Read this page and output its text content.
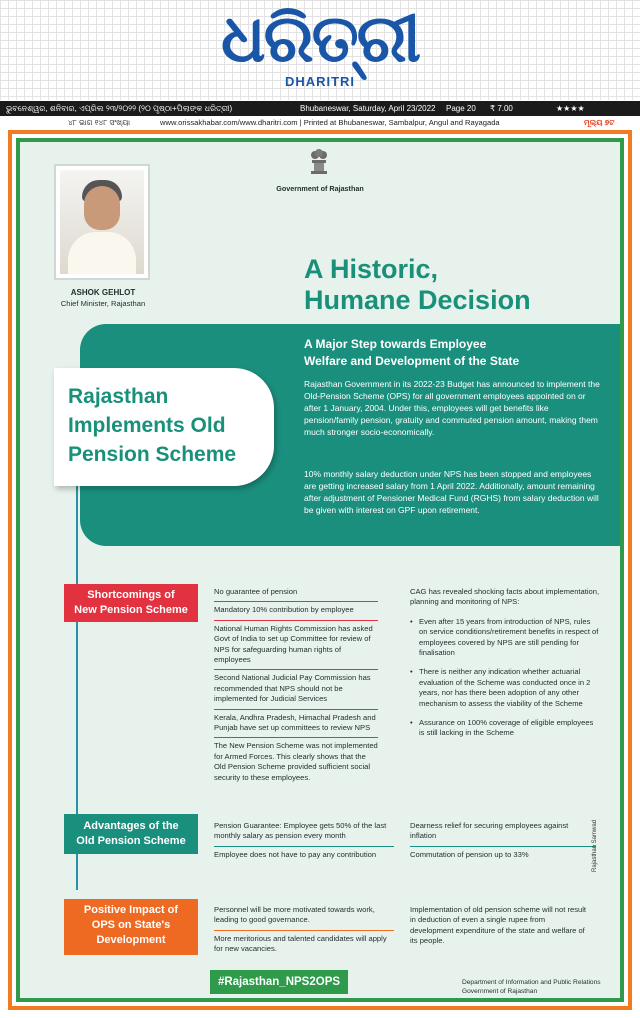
ଧରିତ୍ରୀ
DHARITRI
ଭୁବନେଶ୍ୱର, ଶନିବାର, ଏପ୍ରିଲ ୨୩/୨୦୨୨ (୨୦ ପୃଷ୍ଠା+ପିଲାଙ୍କ ଧରିତ୍ରୀ)	Bhubaneswar, Saturday, April 23/2022 Page 20 ₹ 7.00	★★★★
୪୮ ଭାଗ ୧୪୮ ସଂଖ୍ୟା	www.orissakhabar.com/www.dharitri.com | Printed at Bhubaneswar, Sambalpur, Angul and Rayagada	ମୂଲ୍ୟ ୭ଟ
ASHOK GEHLOT
Chief Minister, Rajasthan
Government of Rajasthan
A Historic,
Humane Decision
A Major Step towards Employee
Welfare and Development of the State
Rajasthan Government in its 2022-23 Budget has announced to implement the Old-Pension Scheme (OPS) for all government employees appointed on or after 1 January, 2004. Under this, employees will get benefits like pension/family pension, gratuity and commuted pension amount, making them much stronger socio-economically.
10% monthly salary deduction under NPS has been stopped and employees are getting increased salary from 1 April 2022. Additionally, amount remaining after adjustment of Pensioner Medical Fund (RGHS) from salary deduction will be given with interest on GPF upon retirement.
Rajasthan
Implements Old
Pension Scheme
Shortcomings of
New Pension Scheme
No guarantee of pension
Mandatory 10% contribution by employee
National Human Rights Commission has asked Govt of India to set up Committee for review of NPS for safeguarding human rights of employees
Second National Judicial Pay Commission has recommended that NPS should not be implemented for Judicial Services
Kerala, Andhra Pradesh, Himachal Pradesh and Punjab have set up committees to review NPS
The New Pension Scheme was not implemented for Armed Forces. This clearly shows that the Old Pension Scheme provided sufficient social security to these employees.
CAG has revealed shocking facts about implementation, planning and monitoring of NPS:
• Even after 15 years from introduction of NPS, rules on service conditions/retirement benefits in respect of employees covered by NPS are still pending for finalisation
• There is neither any indication whether actuarial evaluation of the Scheme was conducted once in 2 years, nor has there been adoption of any other mechanism to assess the viability of the Scheme
• Assurance on 100% coverage of eligible employees is still lacking in the Scheme
Advantages of the
Old Pension Scheme
Pension Guarantee: Employee gets 50% of the last monthly salary as pension every month
Employee does not have to pay any contribution
Dearness relief for securing employees against inflation
Commutation of pension up to 33%
Positive Impact of
OPS on State's
Development
Personnel will be more motivated towards work, leading to good governance.
More meritorious and talented candidates will apply for new vacancies.
Implementation of old pension scheme will not result in deduction of even a single rupee from development expenditure of the state and welfare of its people.
Rajasthan Samwad
#Rajasthan_NPS2OPS	Department of Information and Public Relations
Government of Rajasthan
